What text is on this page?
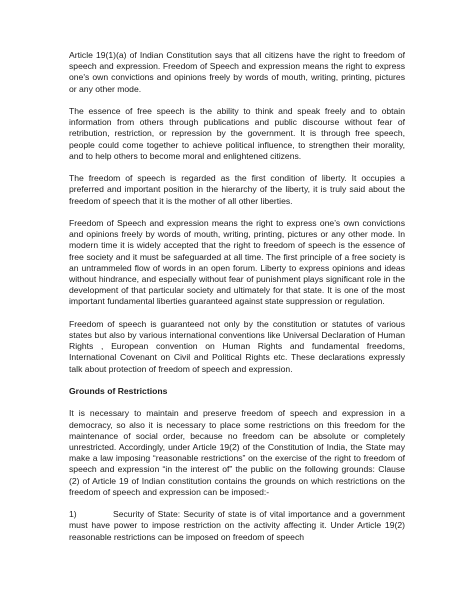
Article 19(1)(a) of Indian Constitution says that all citizens have the right to freedom of speech and expression. Freedom of Speech and expression means the right to express one's own convictions and opinions freely by words of mouth, writing, printing, pictures or any other mode.

The essence of free speech is the ability to think and speak freely and to obtain information from others through publications and public discourse without fear of retribution, restriction, or repression by the government. It is through free speech, people could come together to achieve political influence, to strengthen their morality, and to help others to become moral and enlightened citizens.

The freedom of speech is regarded as the first condition of liberty. It occupies a preferred and important position in the hierarchy of the liberty, it is truly said about the freedom of speech that it is the mother of all other liberties.

Freedom of Speech and expression means the right to express one’s own convictions and opinions freely by words of mouth, writing, printing, pictures or any other mode. In modern time it is widely accepted that the right to freedom of speech is the essence of free society and it must be safeguarded at all time. The first principle of a free society is an untrammeled flow of words in an open forum. Liberty to express opinions and ideas without hindrance, and especially without fear of punishment plays significant role in the development of that particular society and ultimately for that state. It is one of the most important fundamental liberties guaranteed against state suppression or regulation.

Freedom of speech is guaranteed not only by the constitution or statutes of various states but also by various international conventions like Universal Declaration of Human Rights , European convention on Human Rights and fundamental freedoms, International Covenant on Civil and Political Rights etc. These declarations expressly talk about protection of freedom of speech and expression.

Grounds of Restrictions

It is necessary to maintain and preserve freedom of speech and expression in a democracy, so also it is necessary to place some restrictions on this freedom for the maintenance of social order, because no freedom can be absolute or completely unrestricted. Accordingly, under Article 19(2) of the Constitution of India, the State may make a law imposing “reasonable restrictions” on the exercise of the right to freedom of speech and expression “in the interest of” the public on the following grounds: Clause (2) of Article 19 of Indian constitution contains the grounds on which restrictions on the freedom of speech and expression can be imposed:-

1)	Security of State: Security of state is of vital importance and a government must have power to impose restriction on the activity affecting it. Under Article 19(2) reasonable restrictions can be imposed on freedom of speech
